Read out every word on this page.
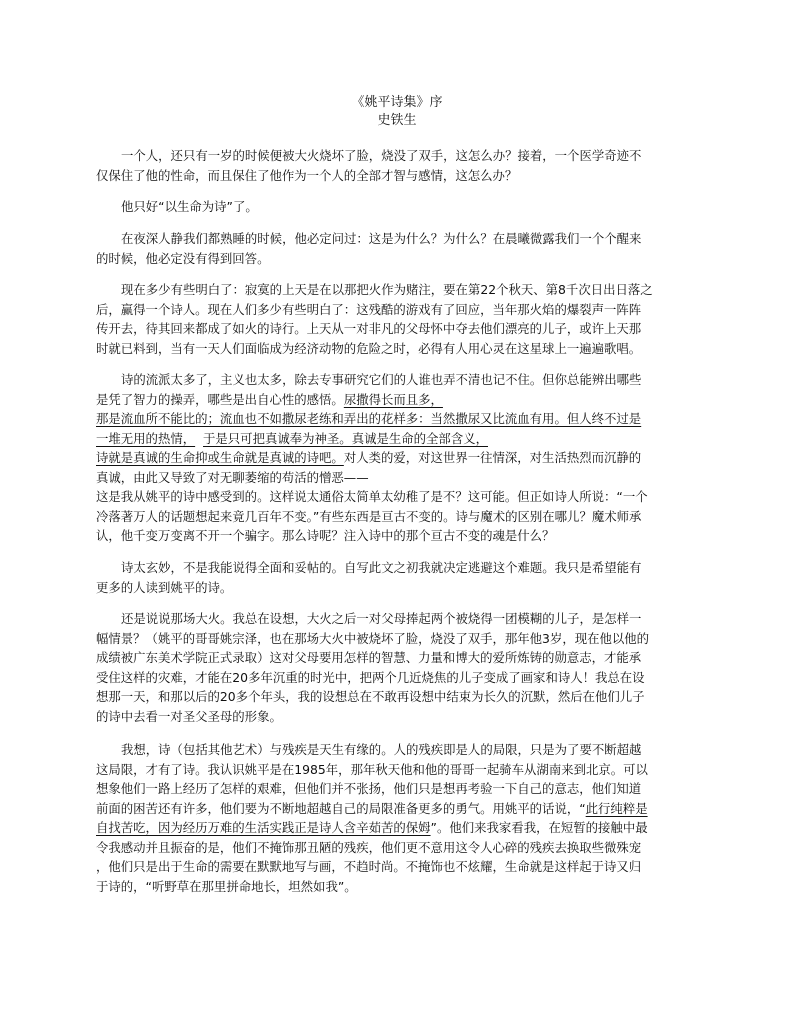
《姚平诗集》序
史铁生
一个人，还只有一岁的时候便被大火烧坏了脸，烧没了双手，这怎么办？接着，一个医学奇迹不
仅保住了他的性命，而且保住了他作为一个人的全部才智与感情，这怎么办？
他只好“以生命为诗”了。
在夜深人静我们都熟睡的时候，他必定问过：这是为什么？为什么？在晨曦微露我们一个个醒来
的时候，他必定没有得到回答。
现在多少有些明白了：寂寞的上天是在以那把火作为赌注，要在第22个秋天、第8千次日出日落之
后，赢得一个诗人。现在人们多少有些明白了：这残酷的游戏有了回应，当年那火焰的爆裂声一阵阵
传开去，待其回来都成了如火的诗行。上天从一对非凡的父母怀中夺去他们漂亮的儿子，或许上天那
时就已料到，当有一天人们面临成为经济动物的危险之时，必得有人用心灵在这星球上一遍遍歌唱。
诗的流派太多了，主义也太多，除去专事研究它们的人谁也弄不清也记不住。但你总能辨出哪些
是凭了智力的操弄，哪些是出自心性的感悟。尿撒得长而且多，
那是流血所不能比的；流血也不如撒尿老练和弄出的花样多：当然撒尿又比流血有用。但人终不过是
一堆无用的热情， 于是只可把真诚奉为神圣。真诚是生命的全部含义，
诗就是真诚的生命抑或生命就是真诚的诗吧。对人类的爱，对这世界一往情深，对生活热烈而沉静的
真诚，由此又导致了对无聊萎缩的苟活的憎恶——
这是我从姚平的诗中感受到的。这样说太通俗太简单太幼稚了是不？这可能。但正如诗人所说：“一个
冷落著万人的话题想起来竟几百年不变。”有些东西是亘古不变的。诗与魔术的区别在哪儿？魔术师承
认，他千变万变离不开一个骗字。那么诗呢？注入诗中的那个亘古不变的魂是什么？
诗太玄妙，不是我能说得全面和妥帖的。自写此文之初我就决定逃避这个难题。我只是希望能有
更多的人读到姚平的诗。
还是说说那场大火。我总在设想，大火之后一对父母捧起两个被烧得一团模糊的儿子，是怎样一
幅情景？（姚平的哥哥姚宗泽，也在那场大火中被烧坏了脸，烧没了双手，那年他3岁，现在他以他的
成绩被广东美术学院正式录取）这对父母要用怎样的智慧、力量和博大的爱所炼铸的勋意志，才能承
受住这样的灾难，才能在20多年沉重的时光中，把两个几近烧焦的儿子变成了画家和诗人！我总在设
想那一天，和那以后的20多个年头，我的设想总在不敢再设想中结束为长久的沉默，然后在他们儿子
的诗中去看一对圣父圣母的形象。
我想，诗（包括其他艺术）与残疾是天生有缘的。人的残疾即是人的局限，只是为了要不断超越
这局限，才有了诗。我认识姚平是在1985年，那年秋天他和他的哥哥一起骑车从湖南来到北京。可以
想象他们一路上经历了怎样的艰难，但他们并不张扬，他们只是想再考验一下自己的意志，他们知道
前面的困苦还有许多，他们要为不断地超越自己的局限准备更多的勇气。用姚平的话说，“此行纯粹是
自找苦吃，因为经历万难的生活实践正是诗人含辛茹苦的保姆”。他们来我家看我，在短暂的接触中最
令我感动并且振奋的是，他们不掩饰那丑陋的残疾，他们更不意用这令人心碎的残疾去换取些微殊宠
，他们只是出于生命的需要在默默地写与画，不趋时尚。不掩饰也不炫耀，生命就是这样起于诗又归
于诗的，“听野草在那里拼命地长，坦然如我”。
